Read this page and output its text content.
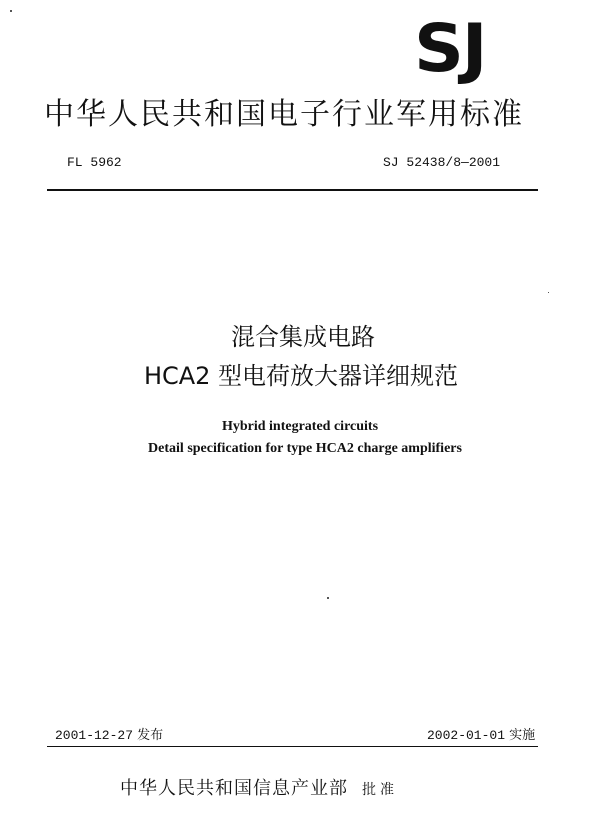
SJ
中华人民共和国电子行业军用标准
FL 5962	SJ 52438/8—2001
混合集成电路
HCA2 型电荷放大器详细规范
Hybrid integrated circuits
Detail specification for type HCA2 charge amplifiers
2001-12-27 发布	2002-01-01 实施
中华人民共和国信息产业部 批准
